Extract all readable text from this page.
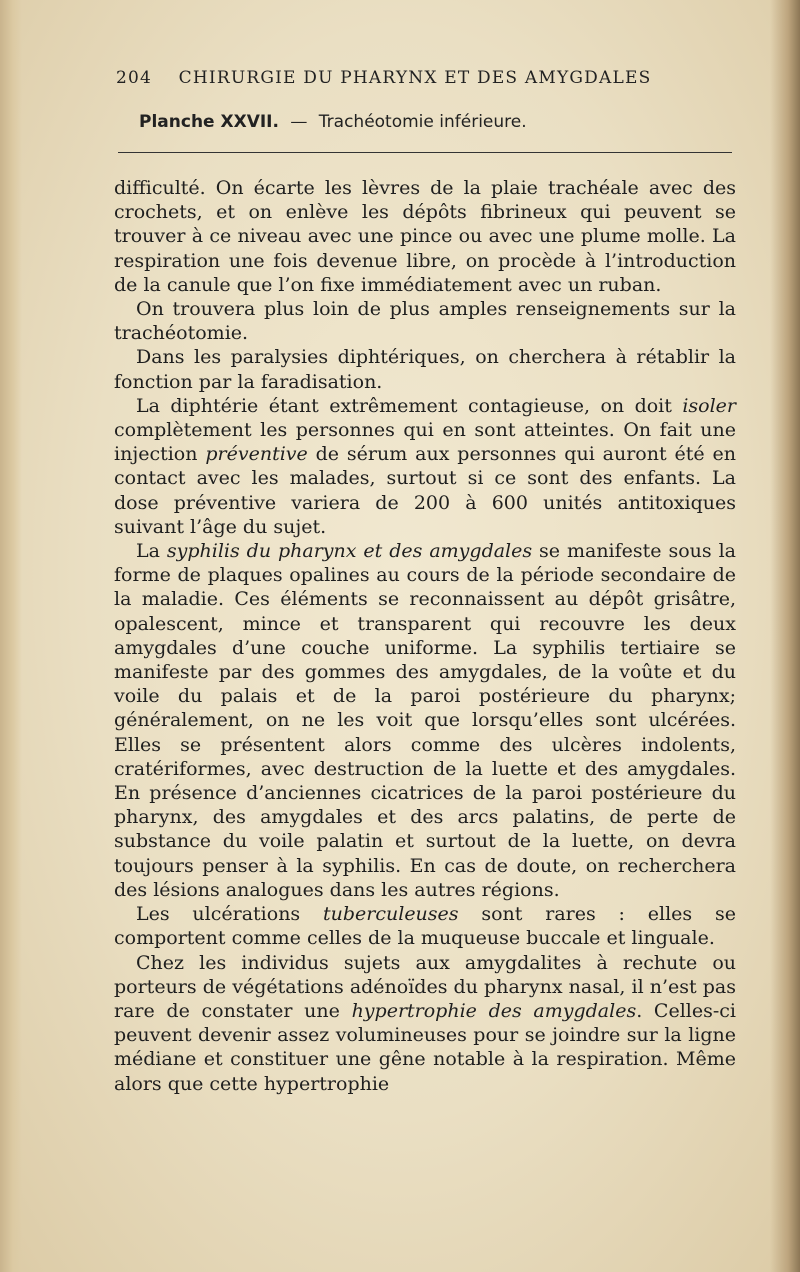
204 CHIRURGIE DU PHARYNX ET DES AMYGDALES
Planche XXVII. — Trachéotomie inférieure.

difficulté. On écarte les lèvres de la plaie trachéale avec des crochets, et on enlève les dépôts fibrineux qui peuvent se trouver à ce niveau avec une pince ou avec une plume molle. La respiration une fois devenue libre, on procède à l’introduction de la canule que l’on fixe immédiatement avec un ruban.

On trouvera plus loin de plus amples renseignements sur la trachéotomie.

Dans les paralysies diphtériques, on cherchera à rétablir la fonction par la faradisation.

La diphtérie étant extrêmement contagieuse, on doit isoler complètement les personnes qui en sont atteintes. On fait une injection préventive de sérum aux personnes qui auront été en contact avec les malades, surtout si ce sont des enfants. La dose préventive variera de 200 à 600 unités antitoxiques suivant l’âge du sujet.

La syphilis du pharynx et des amygdales se manifeste sous la forme de plaques opalines au cours de la période secondaire de la maladie. Ces éléments se reconnaissent au dépôt grisâtre, opalescent, mince et transparent qui recouvre les deux amygdales d’une couche uniforme. La syphilis tertiaire se manifeste par des gommes des amygdales, de la voûte et du voile du palais et de la paroi postérieure du pharynx; généralement, on ne les voit que lorsqu’elles sont ulcérées. Elles se présentent alors comme des ulcères indolents, cratériformes, avec destruction de la luette et des amygdales. En présence d’anciennes cicatrices de la paroi postérieure du pharynx, des amygdales et des arcs palatins, de perte de substance du voile palatin et surtout de la luette, on devra toujours penser à la syphilis. En cas de doute, on recherchera des lésions analogues dans les autres régions.

Les ulcérations tuberculeuses sont rares : elles se comportent comme celles de la muqueuse buccale et linguale.

Chez les individus sujets aux amygdalites à rechute ou porteurs de végétations adénoïdes du pharynx nasal, il n’est pas rare de constater une hypertrophie des amygdales. Celles-ci peuvent devenir assez volumineuses pour se joindre sur la ligne médiane et constituer une gêne notable à la respiration. Même alors que cette hypertrophie
